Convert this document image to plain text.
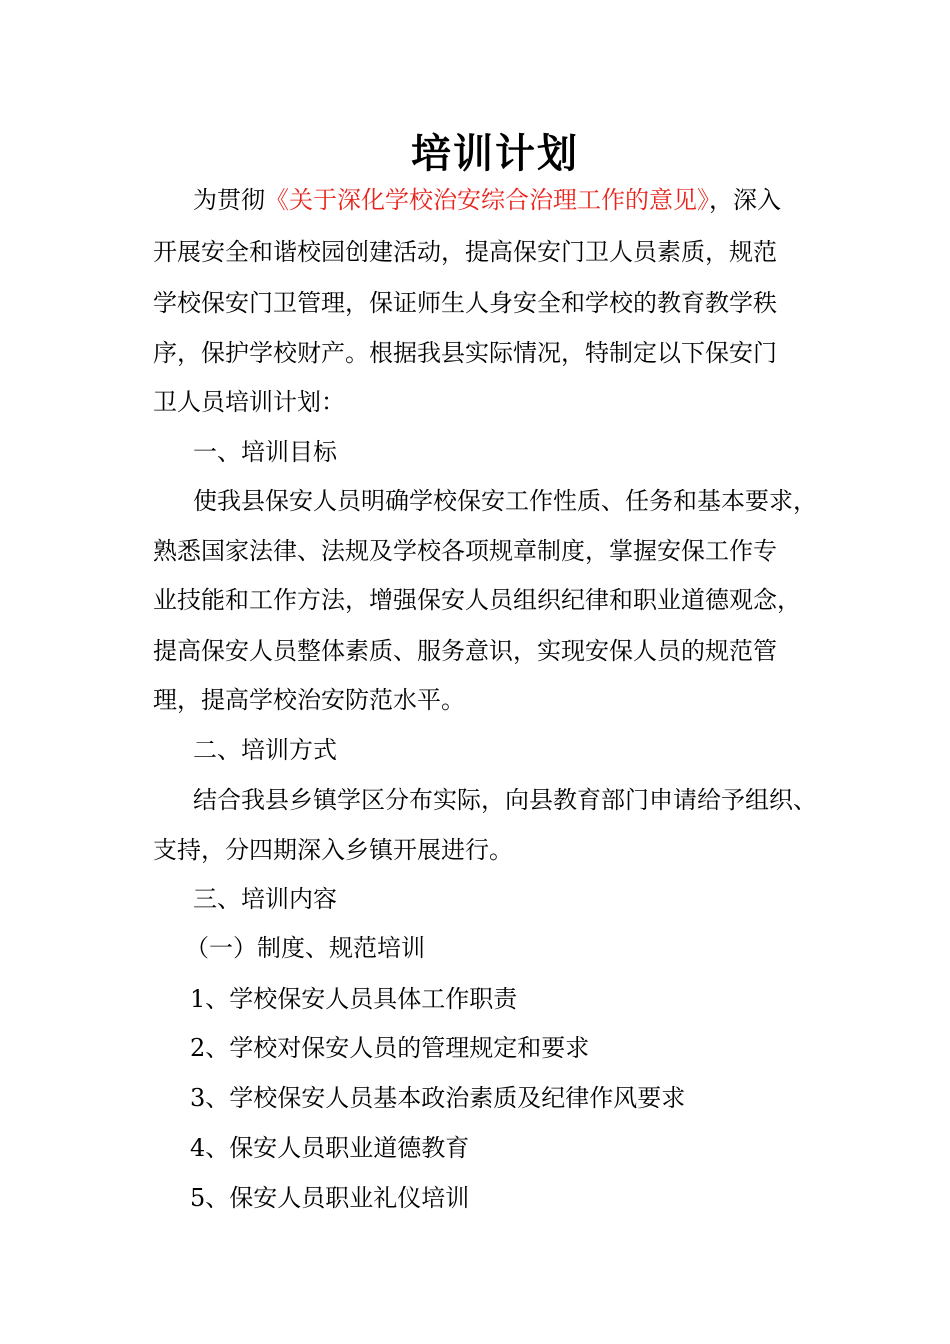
培训计划

为贯彻《关于深化学校治安综合治理工作的意见》，深入

开展安全和谐校园创建活动，提高保安门卫人员素质，规范

学校保安门卫管理，保证师生人身安全和学校的教育教学秩

序，保护学校财产。根据我县实际情况，特制定以下保安门

卫人员培训计划：

一、培训目标

使我县保安人员明确学校保安工作性质、任务和基本要求，

熟悉国家法律、法规及学校各项规章制度，掌握安保工作专

业技能和工作方法，增强保安人员组织纪律和职业道德观念，

提高保安人员整体素质、服务意识，实现安保人员的规范管

理，提高学校治安防范水平。

二、培训方式

结合我县乡镇学区分布实际，向县教育部门申请给予组织、

支持，分四期深入乡镇开展进行。

三、培训内容

（一）制度、规范培训

1、学校保安人员具体工作职责

2、学校对保安人员的管理规定和要求

3、学校保安人员基本政治素质及纪律作风要求

4、保安人员职业道德教育

5、保安人员职业礼仪培训
